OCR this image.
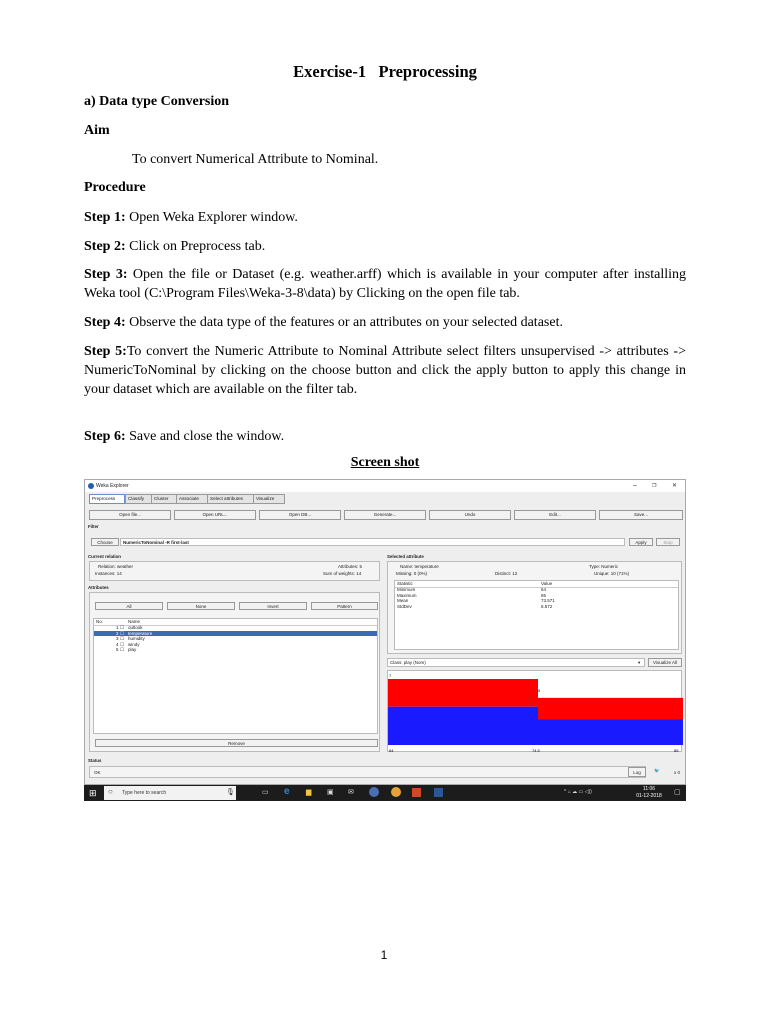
Exercise-1   Preprocessing
a) Data type Conversion
Aim
To convert Numerical Attribute to Nominal.
Procedure
Step 1: Open Weka Explorer window.
Step 2: Click on Preprocess tab.
Step 3: Open the file or Dataset (e.g. weather.arff) which is available in your computer after installing Weka tool (C:\Program Files\Weka-3-8\data) by Clicking on the open file tab.
Step 4: Observe the data type of the features or an attributes on your selected dataset.
Step 5:To convert the Numeric Attribute to Nominal Attribute select filters unsupervised -> attributes -> NumericToNominal by clicking on the choose button and click the apply button to apply this change in your dataset which are available on the filter tab.
Step 6: Save and close the window.
Screen shot
Weka Explorer	–	❐	✕
Preprocess	Classify	Cluster	Associate	Select attributes	Visualize
Open file...	Open URL...	Open DB...	Generate...	Undo	Edit...	Save...
Filter
Choose	NumericToNominal -R first-last	Apply	Stop
Current relation
Relation: weather
Instances: 14
Attributes: 5
Sum of weights: 14
Attributes
All	None	Invert	Pattern
No.	Name
1 ☐ outlook
2 ☐ temperature
3 ☐ humidity
4 ☐ windy
5 ☐ play
Remove
Selected attribute
Name: temperature	Type: Numeric
Missing: 0 (0%)	Distinct: 12	Unique: 10 (71%)
Statistic	Value
Minimum	64
Maximum	85
Mean	73.571
StdDev	6.572
Class: play (Nom)	▾	Visualize All
7
5
64	74.5	85
Status
OK	Log	🐦	x 0
⊞ ○ Type here to search	🎙	▭ e ▆ ▣ ✉	^ ⌂ ☁ ▭ ◁))	11:06
01-12-2018	▢
1
